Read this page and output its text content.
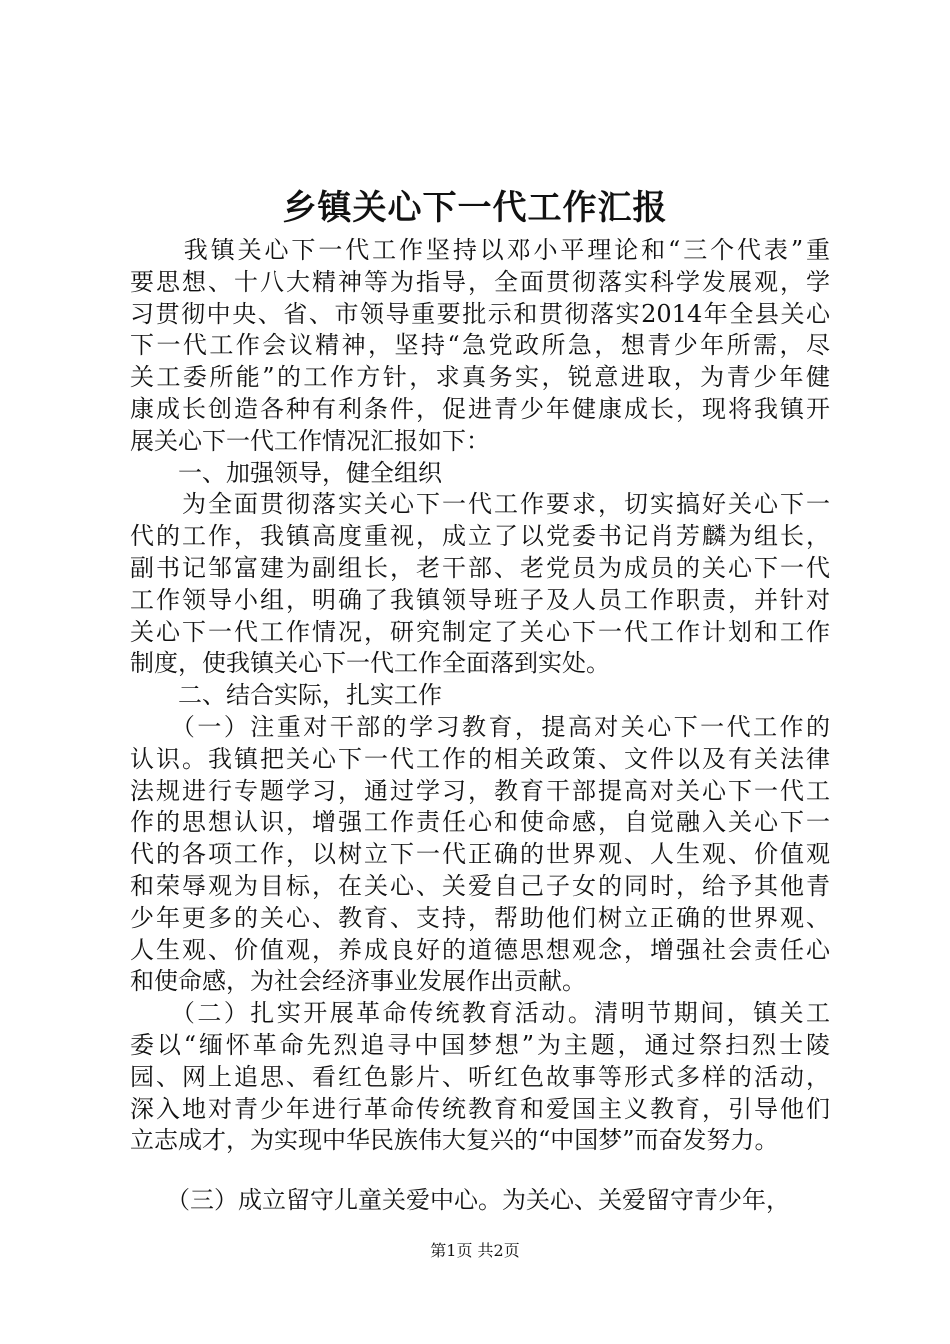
乡镇关心下一代工作汇报
　　我镇关心下一代工作坚持以邓小平理论和“三个代表”重
要思想、十八大精神等为指导，全面贯彻落实科学发展观，学
习贯彻中央、省、市领导重要批示和贯彻落实2014年全县关心
下一代工作会议精神，坚持“急党政所急，想青少年所需，尽
关工委所能”的工作方针，求真务实，锐意进取，为青少年健
康成长创造各种有利条件，促进青少年健康成长，现将我镇开
展关心下一代工作情况汇报如下：
　　一、加强领导，健全组织
　　为全面贯彻落实关心下一代工作要求，切实搞好关心下一
代的工作，我镇高度重视，成立了以党委书记肖芳麟为组长，
副书记邹富建为副组长，老干部、老党员为成员的关心下一代
工作领导小组，明确了我镇领导班子及人员工作职责，并针对
关心下一代工作情况，研究制定了关心下一代工作计划和工作
制度，使我镇关心下一代工作全面落到实处。
　　二、结合实际，扎实工作
　　（一）注重对干部的学习教育，提高对关心下一代工作的
认识。我镇把关心下一代工作的相关政策、文件以及有关法律
法规进行专题学习，通过学习，教育干部提高对关心下一代工
作的思想认识，增强工作责任心和使命感，自觉融入关心下一
代的各项工作，以树立下一代正确的世界观、人生观、价值观
和荣辱观为目标，在关心、关爱自己子女的同时，给予其他青
少年更多的关心、教育、支持，帮助他们树立正确的世界观、
人生观、价值观，养成良好的道德思想观念，增强社会责任心
和使命感，为社会经济事业发展作出贡献。
　　（二）扎实开展革命传统教育活动。清明节期间，镇关工
委以“缅怀革命先烈追寻中国梦想”为主题，通过祭扫烈士陵
园、网上追思、看红色影片、听红色故事等形式多样的活动，
深入地对青少年进行革命传统教育和爱国主义教育，引导他们
立志成才，为实现中华民族伟大复兴的“中国梦”而奋发努力。
　　（三）成立留守儿童关爱中心。为关心、关爱留守青少年，
第1页 共2页
